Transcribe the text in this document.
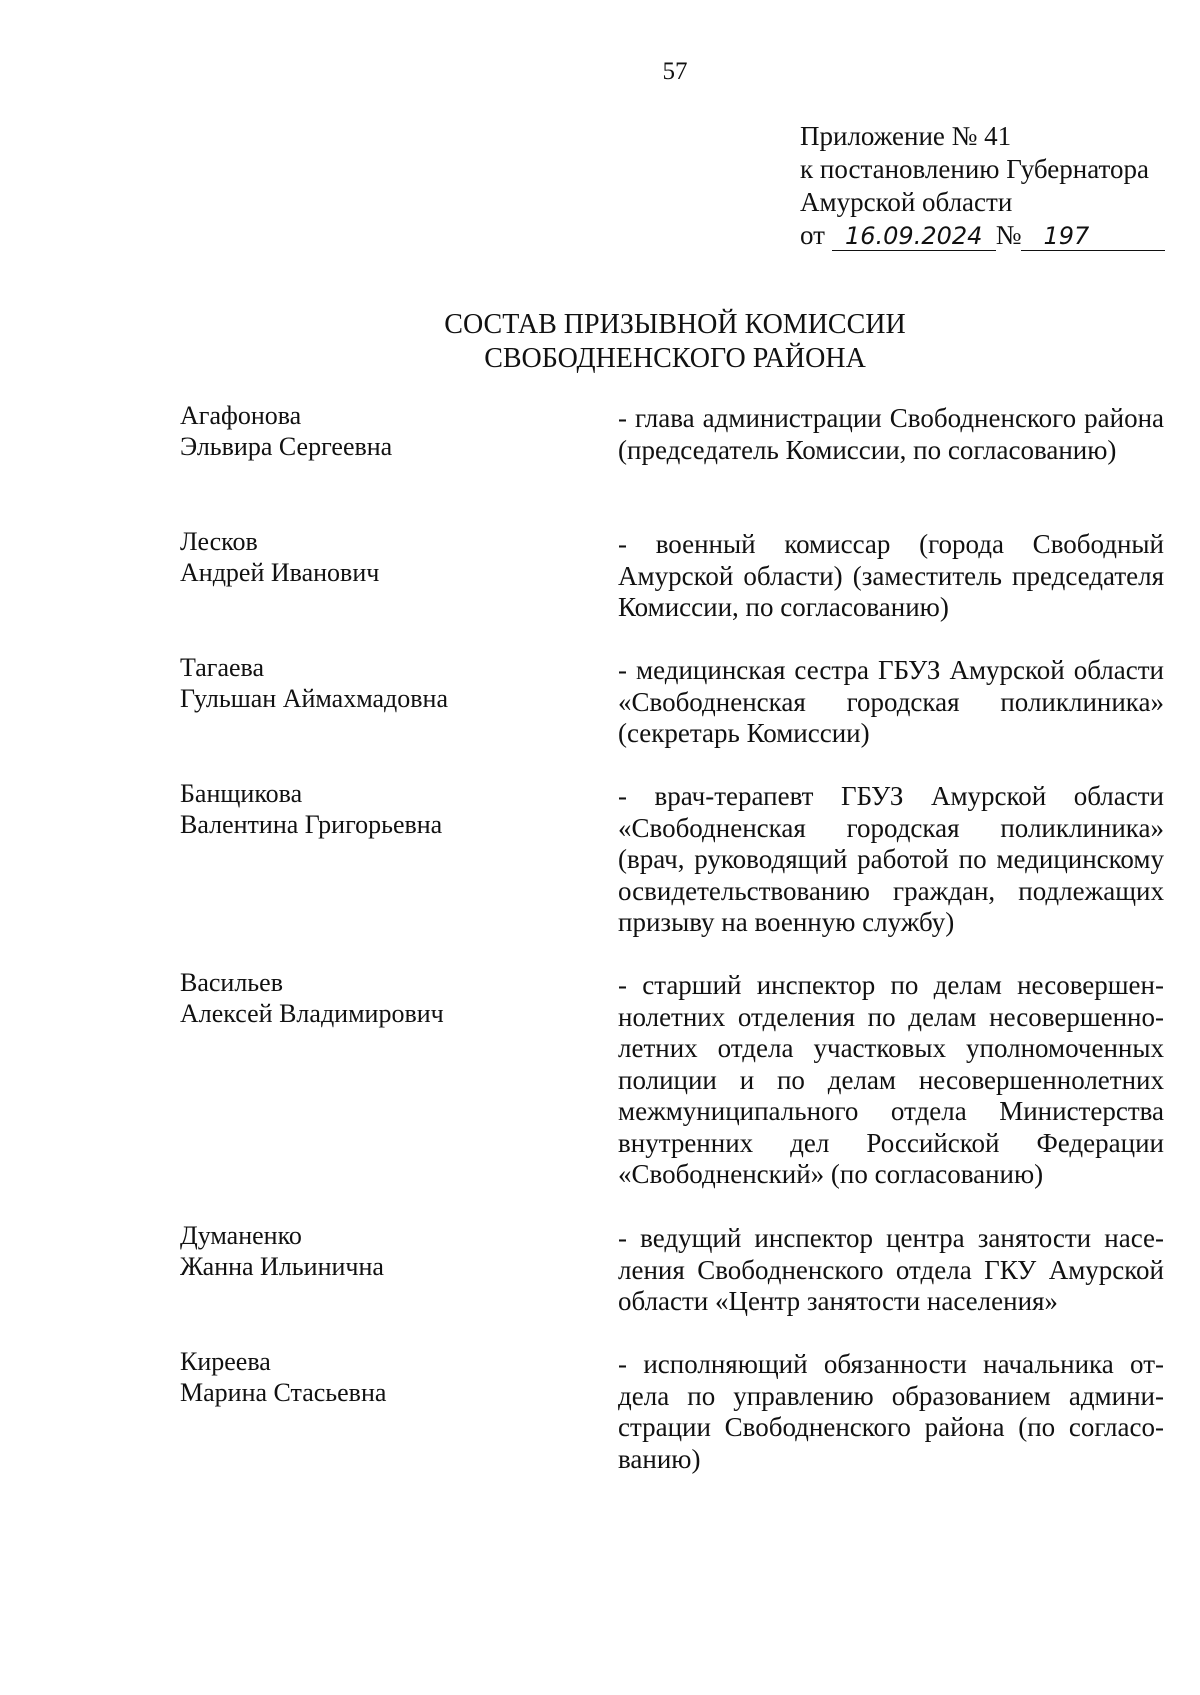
57
Приложение № 41
к постановлению Губернатора
Амурской области
от 16.09.2024 № 197
СОСТАВ ПРИЗЫВНОЙ КОМИССИИ
СВОБОДНЕНСКОГО РАЙОНА
Агафонова
Эльвира Сергеевна
- глава администрации Свободненского района (председатель Комиссии, по согласованию)
Лесков
Андрей Иванович
- военный комиссар (города Свободный Амурской области) (заместитель председателя Комиссии, по согласованию)
Тагаева
Гульшан Аймахмадовна
- медицинская сестра ГБУЗ Амурской области «Свободненская городская поликлиника» (секретарь Комиссии)
Банщикова
Валентина Григорьевна
- врач-терапевт ГБУЗ Амурской области «Свободненская городская поликлиника» (врач, руководящий работой по медицинскому освидетельствованию граждан, подлежащих призыву на военную службу)
Васильев
Алексей Владимирович
- старший инспектор по делам несовершеннолетних отделения по делам несовершеннолетних отдела участковых уполномоченных полиции и по делам несовершеннолетних межмуниципального отдела Министерства внутренних дел Российской Федерации «Свободненский» (по согласованию)
Думаненко
Жанна Ильинична
- ведущий инспектор центра занятости населения Свободненского отдела ГКУ Амурской области «Центр занятости населения»
Киреева
Марина Стасьевна
- исполняющий обязанности начальника отдела по управлению образованием администрации Свободненского района (по согласованию)
